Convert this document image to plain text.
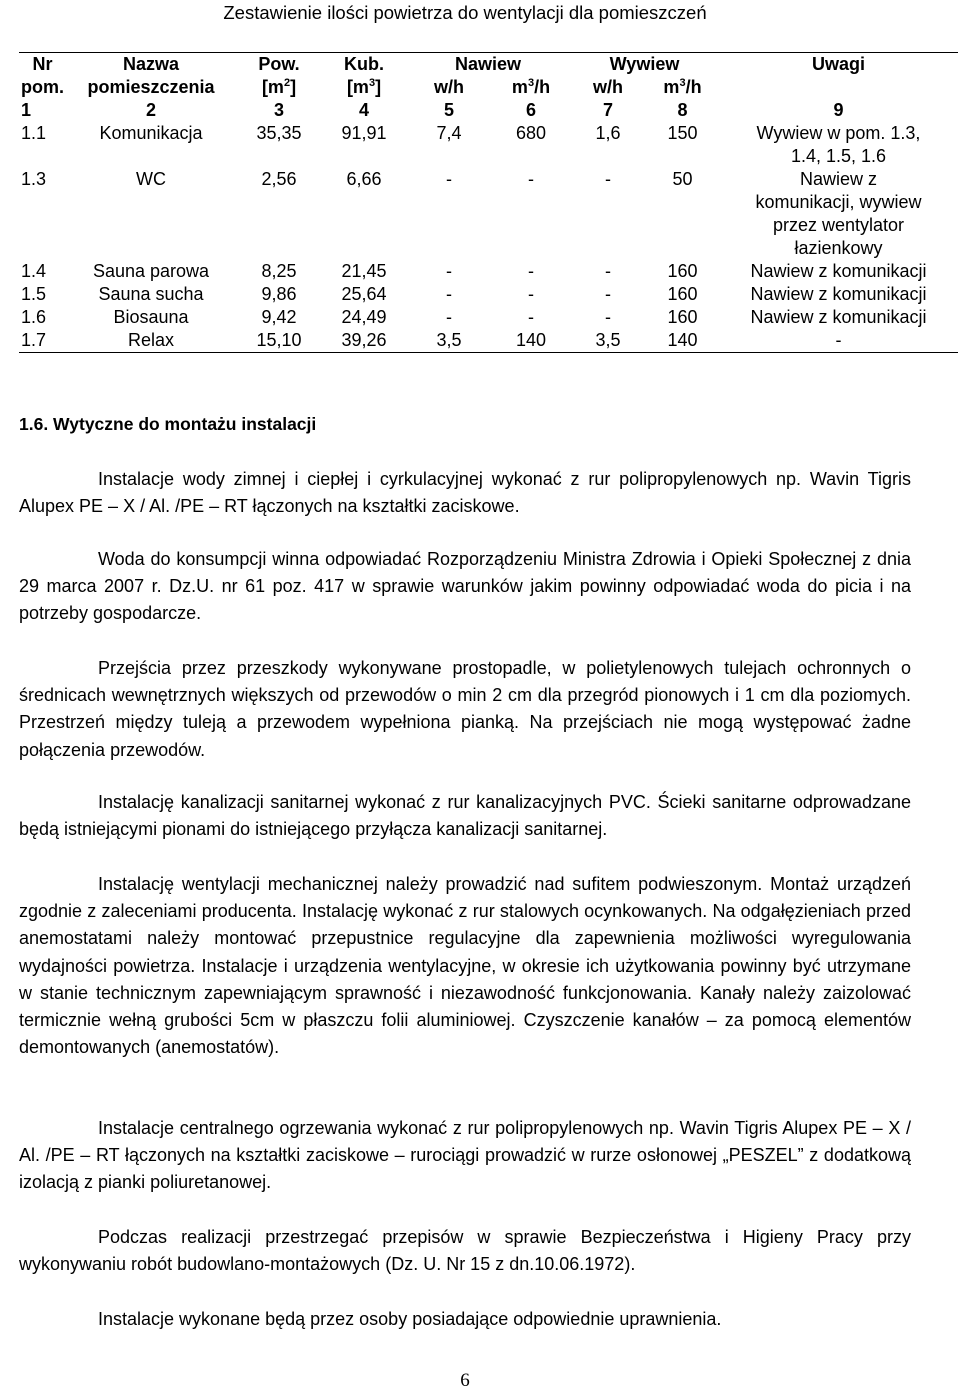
Zestawienie ilości powietrza do wentylacji dla pomieszczeń
Nr	Nazwa	Pow.	Kub.	Nawiew		Wywiew		Uwagi
pom.	pomieszczenia	$[m^2]$	$[m^3]$	w/h	$m^3/h$	w/h	$m^3/h$	
1	2	3	4	5	6	7	8	9
1.1	Komunikacja	35,35	91,91	7,4	680	1,6	150	Wywiew w pom. 1.3,
1.4, 1.5, 1.6

1.3	WC	2,56	6,66	-	-	-	50	Nawiew z
komunikacji, wywiew
przez wentylator
łazienkowy

1.4	Sauna parowa	8,25	21,45	-	-	-	160	Nawiew z komunikacji
1.5	Sauna sucha	9,86	25,64	-	-	-	160	Nawiew z komunikacji
1.6	Biosauna	9,42	24,49	-	-	-	160	Nawiew z komunikacji
1.7	Relax	15,10	39,26	3,5	140	3,5	140	-
1.6. Wytyczne do montażu instalacji
Instalacje wody zimnej i ciepłej i cyrkulacyjnej wykonać z rur polipropylenowych np. Wavin Tigris Alupex PE – X / Al. /PE – RT łączonych na kształtki zaciskowe.
Woda do konsumpcji winna odpowiadać Rozporządzeniu Ministra Zdrowia i Opieki Społecznej z dnia 29 marca 2007 r. Dz.U. nr 61 poz. 417 w sprawie warunków jakim powinny odpowiadać woda do picia i na potrzeby gospodarcze.
Przejścia przez przeszkody wykonywane prostopadle, w polietylenowych tulejach ochronnych o średnicach wewnętrznych większych od przewodów o min 2 cm dla przegród pionowych i 1 cm dla poziomych. Przestrzeń między tuleją a przewodem wypełniona pianką. Na przejściach nie mogą występować żadne połączenia przewodów.
Instalację kanalizacji sanitarnej wykonać z rur kanalizacyjnych PVC. Ścieki sanitarne odprowadzane będą istniejącymi pionami do istniejącego przyłącza kanalizacji sanitarnej.
Instalację wentylacji mechanicznej należy prowadzić nad sufitem podwieszonym. Montaż urządzeń zgodnie z zaleceniami producenta. Instalację wykonać z rur stalowych ocynkowanych. Na odgałęzieniach przed anemostatami należy montować przepustnice regulacyjne dla zapewnienia możliwości wyregulowania wydajności powietrza. Instalacje i urządzenia wentylacyjne, w okresie ich użytkowania powinny być utrzymane w stanie technicznym zapewniającym sprawność i niezawodność funkcjonowania. Kanały należy zaizolować termicznie wełną grubości 5cm w płaszczu folii aluminiowej. Czyszczenie kanałów – za pomocą elementów demontowanych (anemostatów).
Instalacje centralnego ogrzewania wykonać z rur polipropylenowych np. Wavin Tigris Alupex PE – X / Al. /PE – RT łączonych na kształtki zaciskowe – rurociągi prowadzić w rurze osłonowej „PESZEL” z dodatkową izolacją z pianki poliuretanowej.
Podczas realizacji przestrzegać przepisów w sprawie Bezpieczeństwa i Higieny Pracy przy wykonywaniu robót budowlano-montażowych (Dz. U. Nr 15 z dn.10.06.1972).
Instalacje wykonane będą przez osoby posiadające odpowiednie uprawnienia.
6
